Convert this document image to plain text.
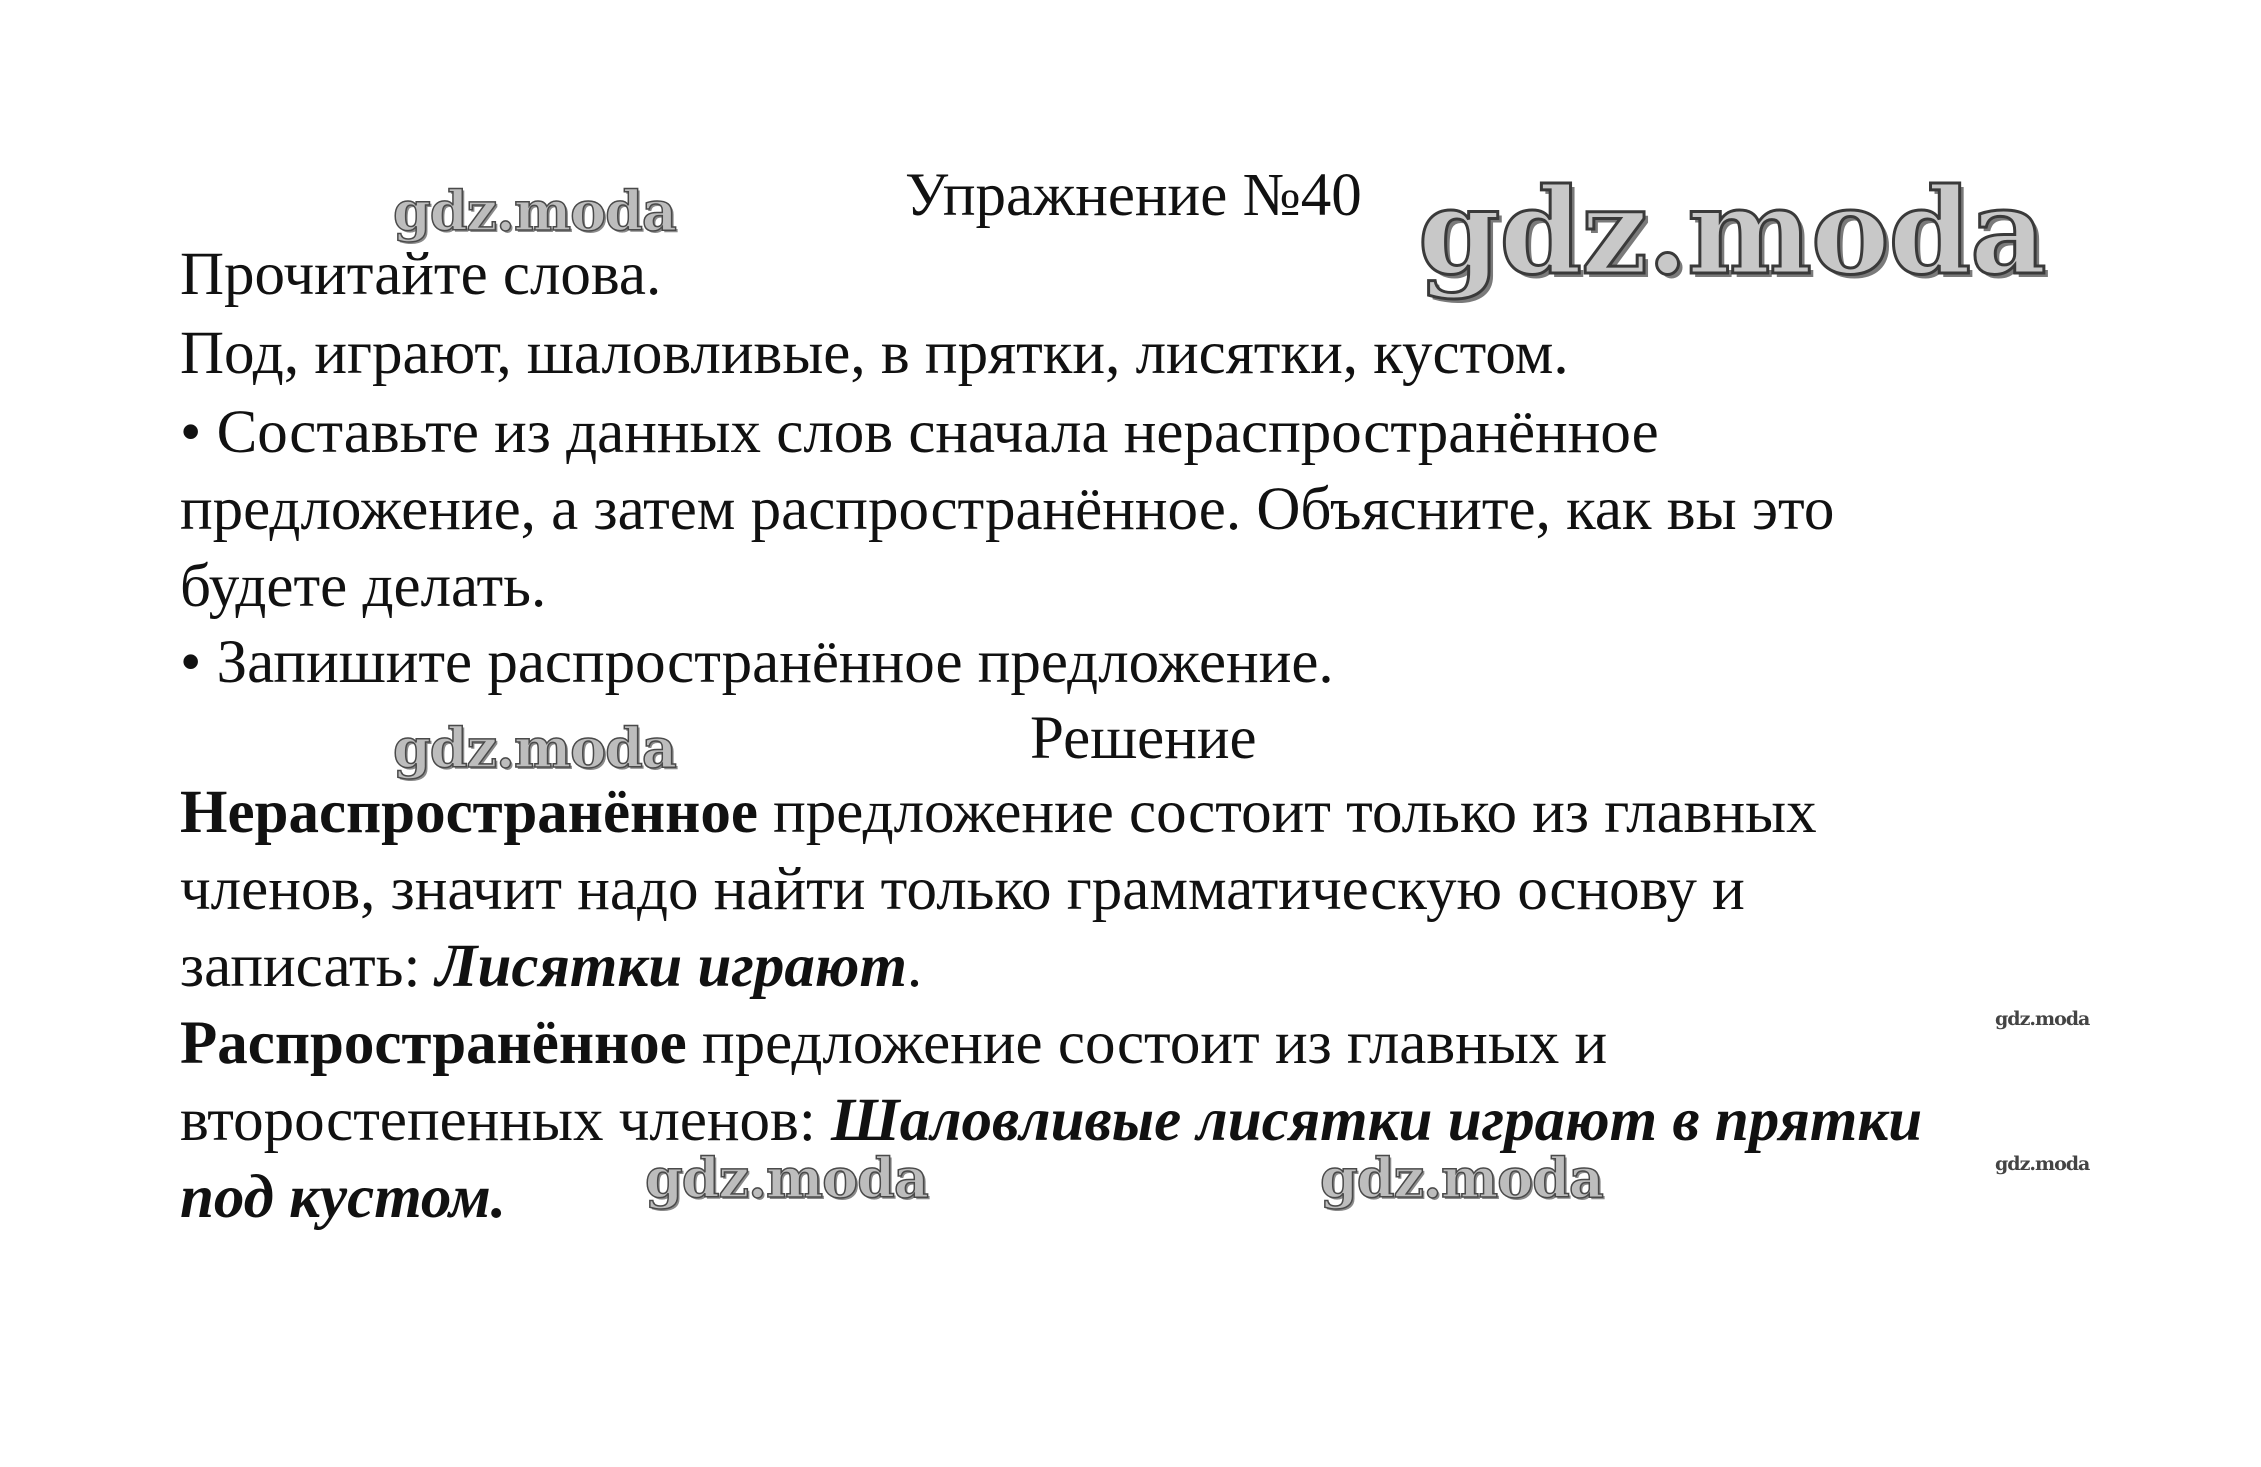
Упражнение №40

Прочитайте слова.

Под, играют, шаловливые, в прятки, лисятки, кустом.

• Составьте из данных слов сначала нераспространённое

предложение, а затем распространённое. Объясните, как вы это

будете делать.

• Запишите распространённое предложение.

Решение

Нераспространённое предложение состоит только из главных

членов, значит надо найти только грамматическую основу и

записать: Лисятки играют.

Распространённое предложение состоит из главных и

второстепенных членов: Шаловливые лисятки играют в прятки

под кустом.

gdz.moda	gdz.moda
gdz.moda
gdz.moda
gdz.moda
gdz.moda	gdz.moda
